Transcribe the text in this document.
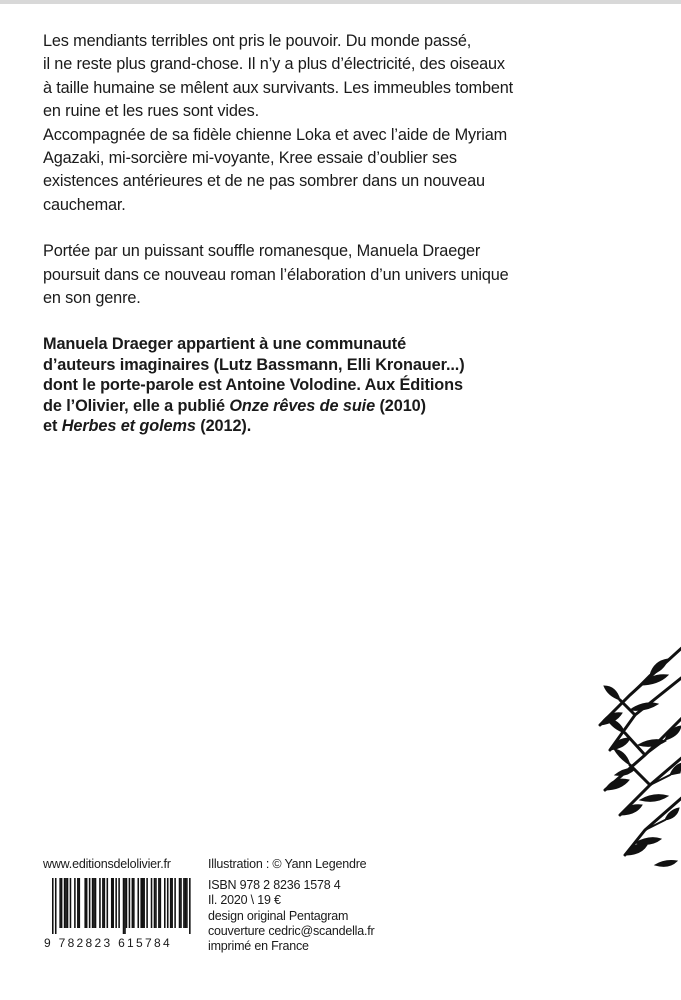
Les mendiants terribles ont pris le pouvoir. Du monde passé,
il ne reste plus grand-chose. Il n’y a plus d’électricité, des oiseaux
à taille humaine se mêlent aux survivants. Les immeubles tombent
en ruine et les rues sont vides.
Accompagnée de sa fidèle chienne Loka et avec l’aide de Myriam
Agazaki, mi-sorcière mi-voyante, Kree essaie d’oublier ses
existences antérieures et de ne pas sombrer dans un nouveau
cauchemar.

Portée par un puissant souffle romanesque, Manuela Draeger
poursuit dans ce nouveau roman l’élaboration d’un univers unique
en son genre.

Manuela Draeger appartient à une communauté
d’auteurs imaginaires (Lutz Bassmann, Elli Kronauer...)
dont le porte-parole est Antoine Volodine. Aux Éditions
de l’Olivier, elle a publié Onze rêves de suie (2010)
et Herbes et golems (2012).
www.editionsdelolivier.fr
9 782823 615784
Illustration : © Yann Legendre
ISBN 978 2 8236 1578 4
Il. 2020 \ 19 €
design original Pentagram
couverture cedric@scandella.fr
imprimé en France
